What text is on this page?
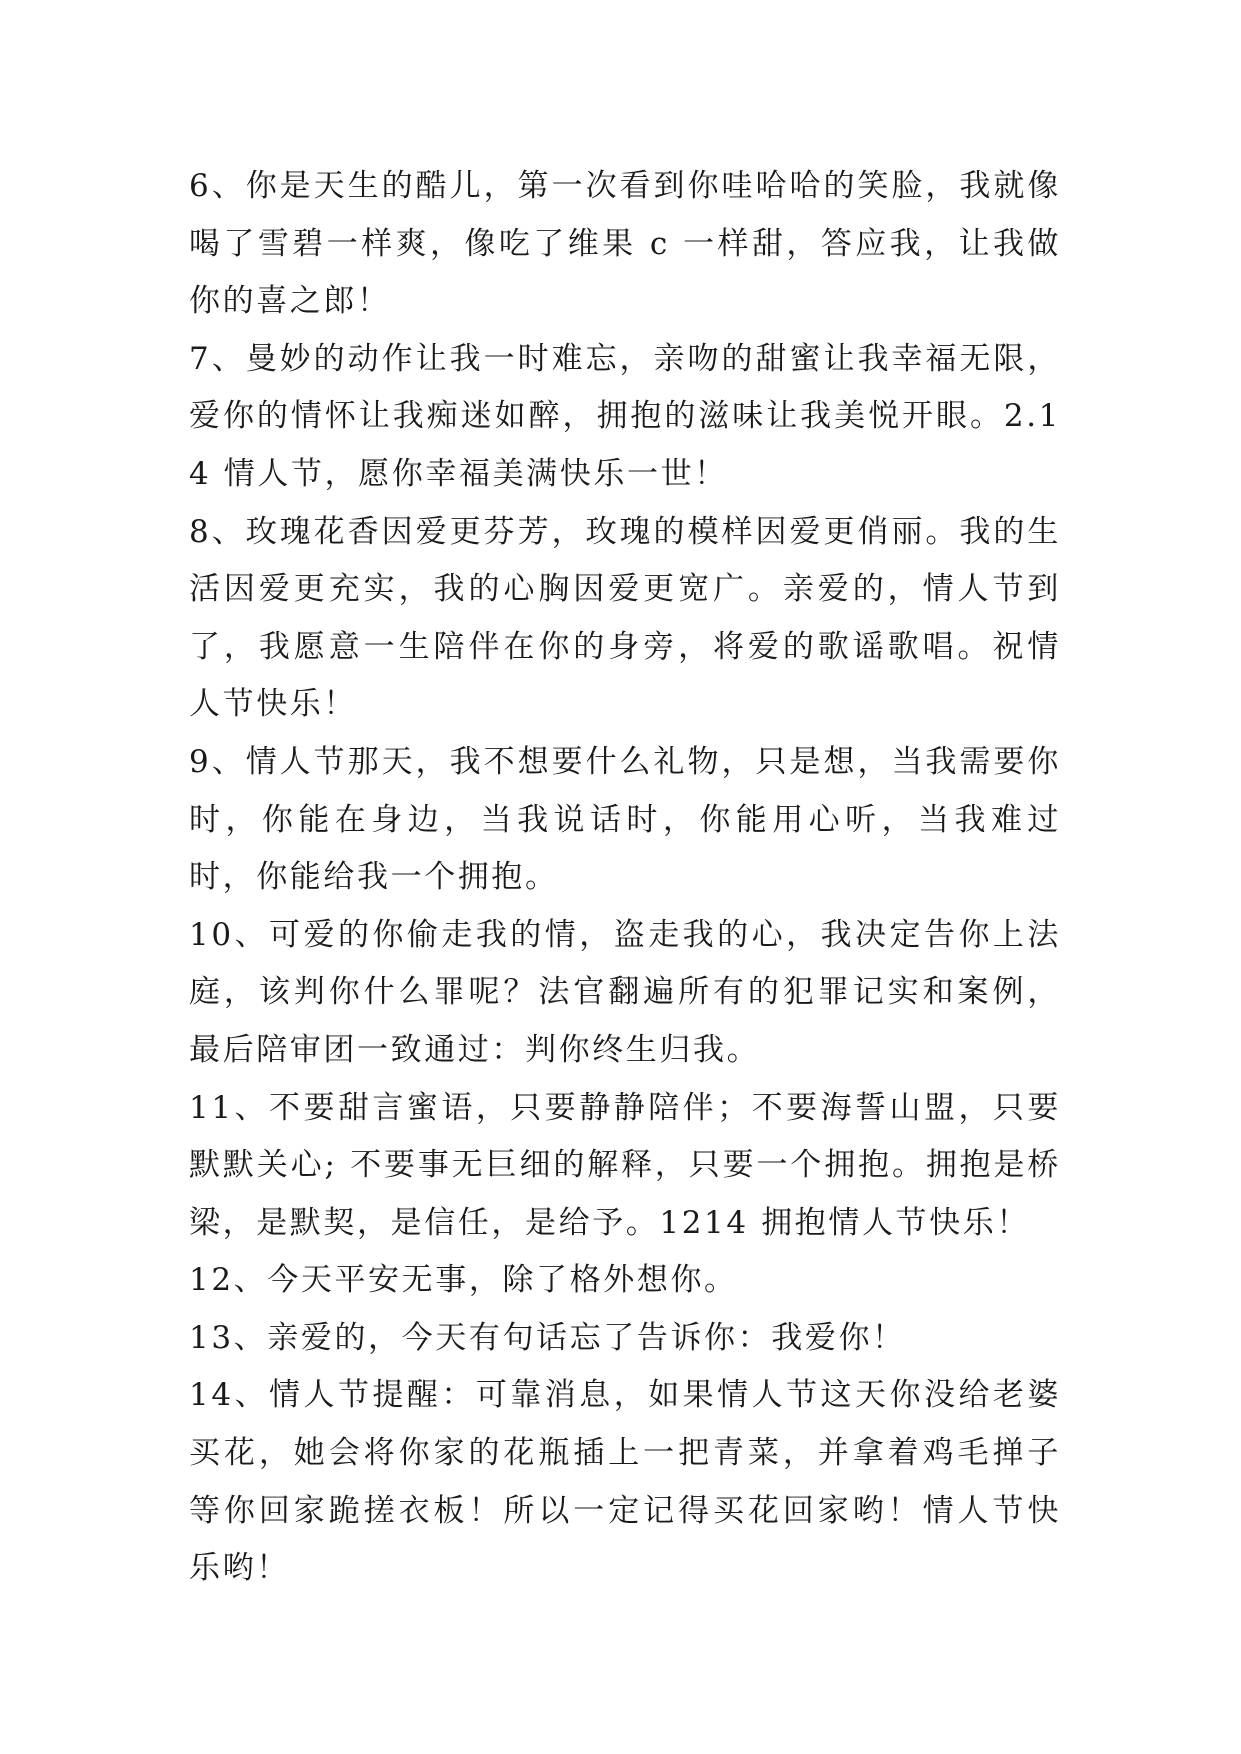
6、你是天生的酷儿，第一次看到你哇哈哈的笑脸，我就像喝了雪碧一样爽，像吃了维果 c 一样甜，答应我，让我做你的喜之郎！

7、曼妙的动作让我一时难忘，亲吻的甜蜜让我幸福无限，爱你的情怀让我痴迷如醉，拥抱的滋味让我美悦开眼。2.14 情人节，愿你幸福美满快乐一世！

8、玫瑰花香因爱更芬芳，玫瑰的模样因爱更俏丽。我的生活因爱更充实，我的心胸因爱更宽广。亲爱的，情人节到了，我愿意一生陪伴在你的身旁，将爱的歌谣歌唱。祝情人节快乐！

9、情人节那天，我不想要什么礼物，只是想，当我需要你时，你能在身边，当我说话时，你能用心听，当我难过时，你能给我一个拥抱。

10、可爱的你偷走我的情，盗走我的心，我决定告你上法庭，该判你什么罪呢？法官翻遍所有的犯罪记实和案例，最后陪审团一致通过：判你终生归我。

11、不要甜言蜜语，只要静静陪伴；不要海誓山盟，只要默默关心; 不要事无巨细的解释，只要一个拥抱。拥抱是桥梁，是默契，是信任，是给予。1214 拥抱情人节快乐！

12、今天平安无事，除了格外想你。

13、亲爱的，今天有句话忘了告诉你：我爱你！

14、情人节提醒：可靠消息，如果情人节这天你没给老婆买花，她会将你家的花瓶插上一把青菜，并拿着鸡毛掸子等你回家跪搓衣板！所以一定记得买花回家哟！情人节快乐哟！
